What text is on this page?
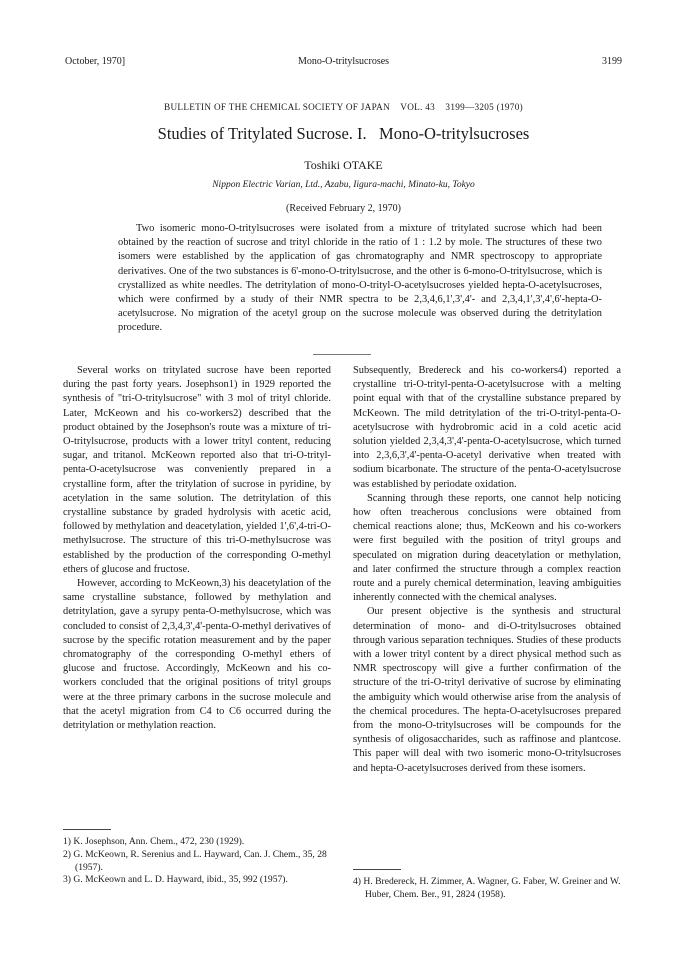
October, 1970]	Mono-O-tritylsucroses	3199
BULLETIN OF THE CHEMICAL SOCIETY OF JAPAN    VOL. 43    3199—3205 (1970)
Studies of Tritylated Sucrose. I.   Mono-O-tritylsucroses
Toshiki OTAKE
Nippon Electric Varian, Ltd., Azabu, Iigura-machi, Minato-ku, Tokyo
(Received February 2, 1970)

Two isomeric mono-O-tritylsucroses were isolated from a mixture of tritylated sucrose which had been obtained by the reaction of sucrose and trityl chloride in the ratio of 1 : 1.2 by mole. The structures of these two isomers were established by the application of gas chromatography and NMR spectroscopy to appropriate derivatives. One of the two substances is 6'-mono-O-tritylsucrose, and the other is 6-mono-O-tritylsucrose, which is crystallized as white needles. The detritylation of mono-O-trityl-O-acetylsucroses yielded hepta-O-acetylsucroses, which were confirmed by a study of their NMR spectra to be 2,3,4,6,1',3',4'- and 2,3,4,1',3',4',6'-hepta-O-acetylsucrose. No migration of the acetyl group on the sucrose molecule was observed during the detritylation procedure.

Several works on tritylated sucrose have been reported during the past forty years. Josephson1) in 1929 reported the synthesis of "tri-O-tritylsucrose" with 3 mol of trityl chloride. Later, McKeown and his co-workers2) described that the product obtained by the Josephson's route was a mixture of tri-O-tritylsucrose, products with a lower trityl content, reducing sugar, and tritanol. McKeown reported also that tri-O-trityl-penta-O-acetylsucrose was conveniently prepared in a crystalline form, after the tritylation of sucrose in pyridine, by acetylation in the same solution. The detritylation of this crystalline substance by graded hydrolysis with acetic acid, followed by methylation and deacetylation, yielded 1',6',4-tri-O-methylsucrose. The structure of this tri-O-methylsucrose was established by the production of the corresponding O-methyl ethers of glucose and fructose.

However, according to McKeown,3) his deacetylation of the same crystalline substance, followed by methylation and detritylation, gave a syrupy penta-O-methylsucrose, which was concluded to consist of 2,3,4,3',4'-penta-O-methyl derivatives of sucrose by the specific rotation measurement and by the paper chromatography of the corresponding O-methyl ethers of glucose and fructose. Accordingly, McKeown and his co-workers concluded that the original positions of trityl groups were at the three primary carbons in the sucrose molecule and that the acetyl migration from C4 to C6 occurred during the detritylation or methylation reaction.

Subsequently, Bredereck and his co-workers4) reported a crystalline tri-O-trityl-penta-O-acetylsucrose with a melting point equal with that of the crystalline substance prepared by McKeown. The mild detritylation of the tri-O-trityl-penta-O-acetylsucrose with hydrobromic acid in a cold acetic acid solution yielded 2,3,4,3',4'-penta-O-acetylsucrose, which turned into 2,3,6,3',4'-penta-O-acetyl derivative when treated with sodium bicarbonate. The structure of the penta-O-acetylsucrose was established by periodate oxidation.

Scanning through these reports, one cannot help noticing how often treacherous conclusions were obtained from chemical reactions alone; thus, McKeown and his co-workers were first beguiled with the position of trityl groups and speculated on migration during deacetylation or methylation, and later confirmed the structure through a complex reaction route and a purely chemical determination, leaving ambiguities inherently connected with the chemical analyses.

Our present objective is the synthesis and structural determination of mono- and di-O-tritylsucroses obtained through various separation techniques. Studies of these products with a lower trityl content by a direct physical method such as NMR spectroscopy will give a further confirmation of the structure of the tri-O-trityl derivative of sucrose by eliminating the ambiguity which would otherwise arise from the analysis of the chemical procedures. The hepta-O-acetylsucroses prepared from the mono-O-tritylsucroses will be compounds for the synthesis of oligosaccharides, such as raffinose and plantcose. This paper will deal with two isomeric mono-O-tritylsucroses and hepta-O-acetylsucroses derived from these isomers.

1) K. Josephson, Ann. Chem., 472, 230 (1929).
2) G. McKeown, R. Serenius and L. Hayward, Can. J. Chem., 35, 28 (1957).
3) G. McKeown and L. D. Hayward, ibid., 35, 992 (1957).	4) H. Bredereck, H. Zimmer, A. Wagner, G. Faber, W. Greiner and W. Huber, Chem. Ber., 91, 2824 (1958).
